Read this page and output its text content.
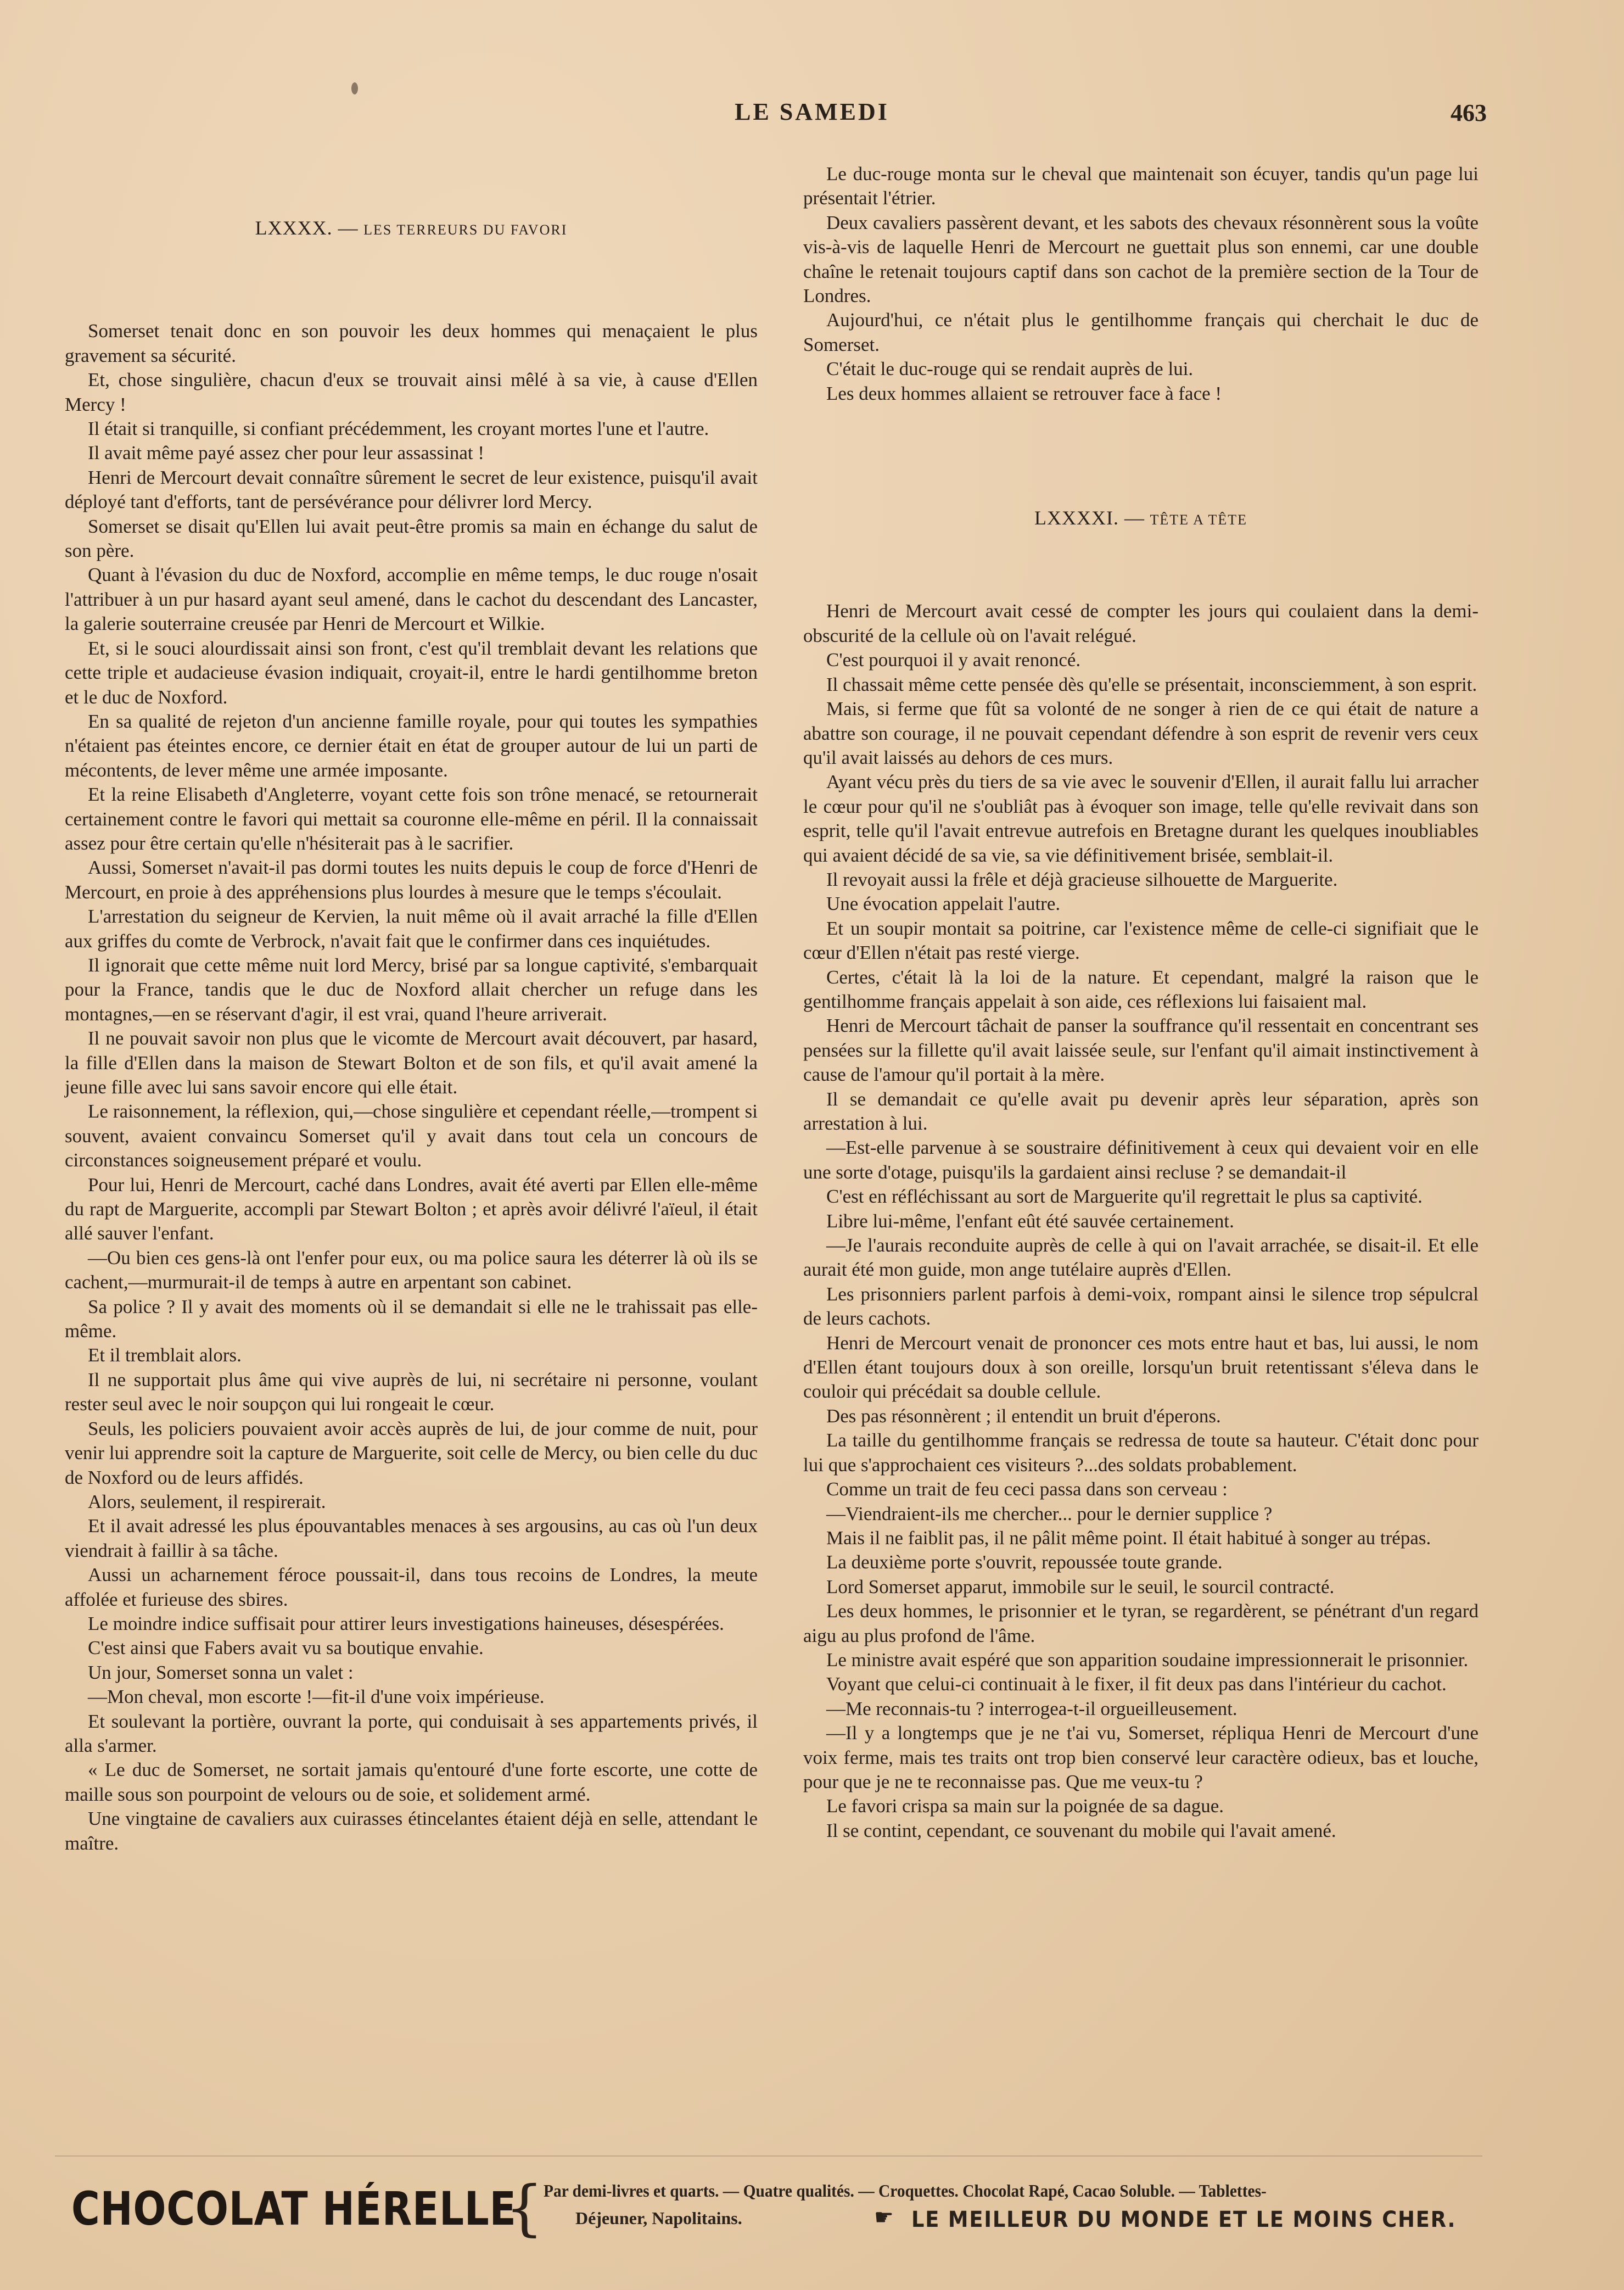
LE SAMEDI	463
LXXXX. — LES TERREURS DU FAVORI

Somerset tenait donc en son pouvoir les deux hommes qui menaçaient le plus gravement sa sécurité.

Et, chose singulière, chacun d'eux se trouvait ainsi mêlé à sa vie, à cause d'Ellen Mercy !

Il était si tranquille, si confiant précédemment, les croyant mortes l'une et l'autre.

Il avait même payé assez cher pour leur assassinat !

Henri de Mercourt devait connaître sûrement le secret de leur existence, puisqu'il avait déployé tant d'efforts, tant de persévérance pour délivrer lord Mercy.

Somerset se disait qu'Ellen lui avait peut-être promis sa main en échange du salut de son père.

Quant à l'évasion du duc de Noxford, accomplie en même temps, le duc rouge n'osait l'attribuer à un pur hasard ayant seul amené, dans le cachot du descendant des Lancaster, la galerie souterraine creusée par Henri de Mercourt et Wilkie.

Et, si le souci alourdissait ainsi son front, c'est qu'il tremblait devant les relations que cette triple et audacieuse évasion indiquait, croyait-il, entre le hardi gentilhomme breton et le duc de Noxford.

En sa qualité de rejeton d'un ancienne famille royale, pour qui toutes les sympathies n'étaient pas éteintes encore, ce dernier était en état de grouper autour de lui un parti de mécontents, de lever même une armée imposante.

Et la reine Elisabeth d'Angleterre, voyant cette fois son trône menacé, se retournerait certainement contre le favori qui mettait sa couronne elle-même en péril. Il la connaissait assez pour être certain qu'elle n'hésiterait pas à le sacrifier.

Aussi, Somerset n'avait-il pas dormi toutes les nuits depuis le coup de force d'Henri de Mercourt, en proie à des appréhensions plus lourdes à mesure que le temps s'écoulait.

L'arrestation du seigneur de Kervien, la nuit même où il avait arraché la fille d'Ellen aux griffes du comte de Verbrock, n'avait fait que le confirmer dans ces inquiétudes.

Il ignorait que cette même nuit lord Mercy, brisé par sa longue captivité, s'embarquait pour la France, tandis que le duc de Noxford allait chercher un refuge dans les montagnes,—en se réservant d'agir, il est vrai, quand l'heure arriverait.

Il ne pouvait savoir non plus que le vicomte de Mercourt avait découvert, par hasard, la fille d'Ellen dans la maison de Stewart Bolton et de son fils, et qu'il avait amené la jeune fille avec lui sans savoir encore qui elle était.

Le raisonnement, la réflexion, qui,—chose singulière et cependant réelle,—trompent si souvent, avaient convaincu Somerset qu'il y avait dans tout cela un concours de circonstances soigneusement préparé et voulu.

Pour lui, Henri de Mercourt, caché dans Londres, avait été averti par Ellen elle-même du rapt de Marguerite, accompli par Stewart Bolton ; et après avoir délivré l'aïeul, il était allé sauver l'enfant.

—Ou bien ces gens-là ont l'enfer pour eux, ou ma police saura les déterrer là où ils se cachent,—murmurait-il de temps à autre en arpentant son cabinet.

Sa police ? Il y avait des moments où il se demandait si elle ne le trahissait pas elle-même.

Et il tremblait alors.

Il ne supportait plus âme qui vive auprès de lui, ni secrétaire ni personne, voulant rester seul avec le noir soupçon qui lui rongeait le cœur.

Seuls, les policiers pouvaient avoir accès auprès de lui, de jour comme de nuit, pour venir lui apprendre soit la capture de Marguerite, soit celle de Mercy, ou bien celle du duc de Noxford ou de leurs affidés.

Alors, seulement, il respirerait.

Et il avait adressé les plus épouvantables menaces à ses argousins, au cas où l'un deux viendrait à faillir à sa tâche.

Aussi un acharnement féroce poussait-il, dans tous recoins de Londres, la meute affolée et furieuse des sbires.

Le moindre indice suffisait pour attirer leurs investigations haineuses, désespérées.

C'est ainsi que Fabers avait vu sa boutique envahie.

Un jour, Somerset sonna un valet :

—Mon cheval, mon escorte !—fit-il d'une voix impérieuse.

Et soulevant la portière, ouvrant la porte, qui conduisait à ses appartements privés, il alla s'armer.

« Le duc de Somerset, ne sortait jamais qu'entouré d'une forte escorte, une cotte de maille sous son pourpoint de velours ou de soie, et solidement armé.

Une vingtaine de cavaliers aux cuirasses étincelantes étaient déjà en selle, attendant le maître.

Le duc-rouge monta sur le cheval que maintenait son écuyer, tandis qu'un page lui présentait l'étrier.

Deux cavaliers passèrent devant, et les sabots des chevaux résonnèrent sous la voûte vis-à-vis de laquelle Henri de Mercourt ne guettait plus son ennemi, car une double chaîne le retenait toujours captif dans son cachot de la première section de la Tour de Londres.

Aujourd'hui, ce n'était plus le gentilhomme français qui cherchait le duc de Somerset.

C'était le duc-rouge qui se rendait auprès de lui.

Les deux hommes allaient se retrouver face à face !

LXXXXI. — TÊTE A TÊTE

Henri de Mercourt avait cessé de compter les jours qui coulaient dans la demi-obscurité de la cellule où on l'avait relégué.

C'est pourquoi il y avait renoncé.

Il chassait même cette pensée dès qu'elle se présentait, inconsciemment, à son esprit.

Mais, si ferme que fût sa volonté de ne songer à rien de ce qui était de nature a abattre son courage, il ne pouvait cependant défendre à son esprit de revenir vers ceux qu'il avait laissés au dehors de ces murs.

Ayant vécu près du tiers de sa vie avec le souvenir d'Ellen, il aurait fallu lui arracher le cœur pour qu'il ne s'oubliât pas à évoquer son image, telle qu'elle revivait dans son esprit, telle qu'il l'avait entrevue autrefois en Bretagne durant les quelques inoubliables qui avaient décidé de sa vie, sa vie définitivement brisée, semblait-il.

Il revoyait aussi la frêle et déjà gracieuse silhouette de Marguerite.

Une évocation appelait l'autre.

Et un soupir montait sa poitrine, car l'existence même de celle-ci signifiait que le cœur d'Ellen n'était pas resté vierge.

Certes, c'était là la loi de la nature. Et cependant, malgré la raison que le gentilhomme français appelait à son aide, ces réflexions lui faisaient mal.

Henri de Mercourt tâchait de panser la souffrance qu'il ressentait en concentrant ses pensées sur la fillette qu'il avait laissée seule, sur l'enfant qu'il aimait instinctivement à cause de l'amour qu'il portait à la mère.

Il se demandait ce qu'elle avait pu devenir après leur séparation, après son arrestation à lui.

—Est-elle parvenue à se soustraire définitivement à ceux qui devaient voir en elle une sorte d'otage, puisqu'ils la gardaient ainsi recluse ? se demandait-il

C'est en réfléchissant au sort de Marguerite qu'il regrettait le plus sa captivité.

Libre lui-même, l'enfant eût été sauvée certainement.

—Je l'aurais reconduite auprès de celle à qui on l'avait arrachée, se disait-il. Et elle aurait été mon guide, mon ange tutélaire auprès d'Ellen.

Les prisonniers parlent parfois à demi-voix, rompant ainsi le silence trop sépulcral de leurs cachots.

Henri de Mercourt venait de prononcer ces mots entre haut et bas, lui aussi, le nom d'Ellen étant toujours doux à son oreille, lorsqu'un bruit retentissant s'éleva dans le couloir qui précédait sa double cellule.

Des pas résonnèrent ; il entendit un bruit d'éperons.

La taille du gentilhomme français se redressa de toute sa hauteur. C'était donc pour lui que s'approchaient ces visiteurs ?...des soldats probablement.

Comme un trait de feu ceci passa dans son cerveau :

—Viendraient-ils me chercher... pour le dernier supplice ?

Mais il ne faiblit pas, il ne pâlit même point. Il était habitué à songer au trépas.

La deuxième porte s'ouvrit, repoussée toute grande.

Lord Somerset apparut, immobile sur le seuil, le sourcil contracté.

Les deux hommes, le prisonnier et le tyran, se regardèrent, se pénétrant d'un regard aigu au plus profond de l'âme.

Le ministre avait espéré que son apparition soudaine impressionnerait le prisonnier.

Voyant que celui-ci continuait à le fixer, il fit deux pas dans l'intérieur du cachot.

—Me reconnais-tu ? interrogea-t-il orgueilleusement.

—Il y a longtemps que je ne t'ai vu, Somerset, répliqua Henri de Mercourt d'une voix ferme, mais tes traits ont trop bien conservé leur caractère odieux, bas et louche, pour que je ne te reconnaisse pas. Que me veux-tu ?

Le favori crispa sa main sur la poignée de sa dague.

Il se contint, cependant, ce souvenant du mobile qui l'avait amené.

CHOCOLAT HÉRELLE
{ Par demi-livres et quarts. — Quatre qualités. — Croquettes. Chocolat Rapé, Cacao Soluble. — Tablettes-
Déjeuner, Napolitains.	☛ LE MEILLEUR DU MONDE ET LE MOINS CHER.
